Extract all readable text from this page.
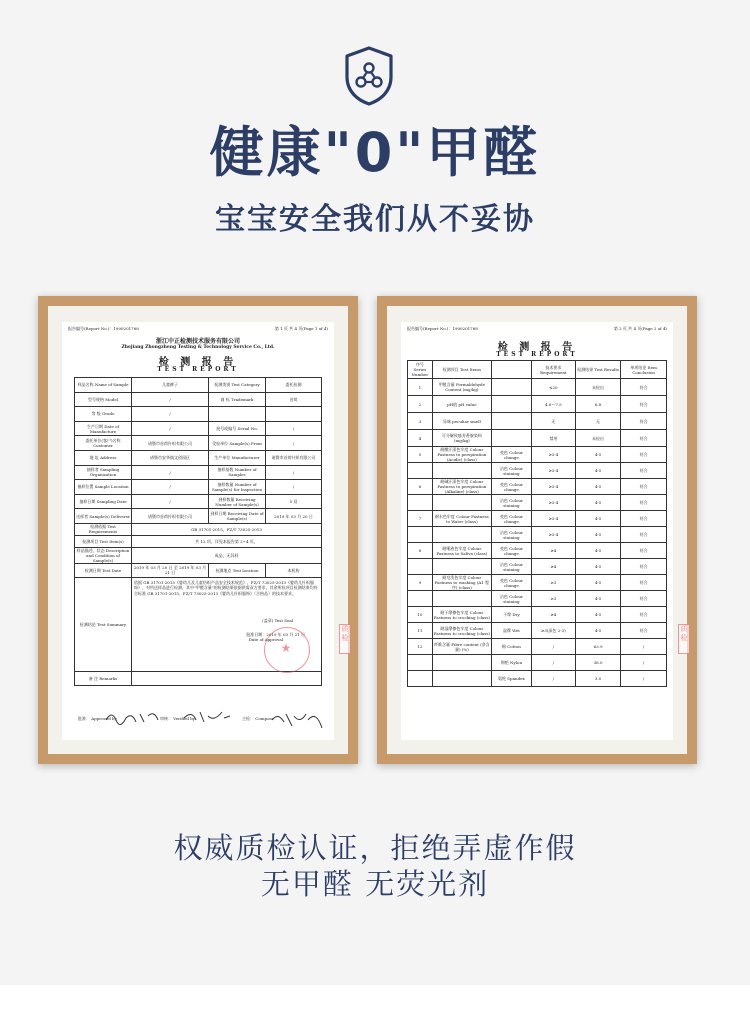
健康"0"甲醛
宝宝安全我们从不妥协
报告编号(Report No.)：1900201768	第 1 页 共 4 页(Page 1 of 4)
浙江中正检测技术服务有限公司
Zhejiang Zhongzheng Testing & Technology Service Co., Ltd.
检 测 报 告
TEST REPORT
样品名称 Name of Sample	儿童裤子	检测类别 Test Category	委托检测
型号规格 Model	/	商 标 Trademark	首荷
等 级 Grade	/		
生产日期 Date of Manufacture	/	批号或编号 Serial No.	/
委托单位(客户)名称 Customer	诸暨市首荷针织有限公司	受检单位 Sample(s) From	/
地 址 Address	诸暨市安华镇文创园区	生产单位 Manufacturer	诸暨市首荷针织有限公司
抽样者 Sampling Organization	/	抽样基数 Number of Samples	/
抽样位置 Sample Location	/	抽样数量 Number of Sample(s) for Inspection	/
抽样日期 Sampling Date	/	到样数量 Receiving Number of Sample(s)	5 双
送样者 Sample(s) Deliverer	诸暨市首荷针织有限公司	到样日期 Receiving Date of Sample(s)	2019 年 03 月 20 日
检测依据 Test Requirements	GB 31701-2015、FZ/T 73025-2013		
检测项目 Test Item(s)	共 12 项，详见本报告第 2~4 页。		
样品描述、状态 Description and Condition of Sample(s)	成品、无异样		
检测日期 Test Date	2019 年 03 月 20 日 至 2019 年 03 月 21 日	检测地点 Test location	本机构
检测结论 Test Summary	依据 GB 31701-2015《婴幼儿及儿童纺织产品安全技术规范》、FZ/T 73025-2013《婴幼儿针织服饰》，对所送样品进行检测，其中"甲醛含量"的检测结果依据供需双方要求，其余所检项目检测结果均符合标准 GB 31701-2015、FZ/T 73025-2013《婴幼儿针织服饰》（合格品）的技术要求。
(盖章) Test Seal
批准日期：2019 年 03 月 21 日
Date of Approval		

备 注 Remarks			
★
批准： Approved by	审核： Verified by	主检： Compose
质检
报告编号(Report No.)：1900201768	第 2 页 共 4 页(Page 2 of 4)
检 测 报 告
TEST REPORT
序号 Series Number	检测项目 Test Items		技术要求 Requirement	检测结果 Test Results	单项结论 Item Conclusion
1	甲醛含量 Formaldehyde Content (mg/kg)		≤20	未检出	符合
2	pH值 pH value		4.0～7.5	6.8	符合
3	异味 peculiar smell		无	无	符合
4	可分解致癌芳香胺染料 (mg/kg)		禁用	未检出	符合
5	耐酸汗渍色牢度 Colour Fastness to perspiration (Acidic) (class)	变色 Colour change	≥3-4	4-5	符合
		沾色 Colour staining	≥3-4	4-5	符合
6	耐碱汗渍色牢度 Colour Fastness to perspiration (Alkaline) (class)	变色 Colour change	≥3-4	4-5	符合
		沾色 Colour staining	≥3-4	4-5	符合
7	耐水色牢度 Colour Fastness to Water (class)	变色 Colour change	≥3-4	4-5	符合
		沾色 Colour staining	≥3-4	4-5	符合
8	耐唾液色牢度 Colour Fastness to Saliva (class)	变色 Colour change	≥4	4-5	符合
		沾色 Colour staining	≥4	4-5	符合
9	耐皂洗色牢度 Colour Fastness to washing (A1 程序) (class)	变色 Colour change	≥3	4-5	符合
		沾色 Colour staining	≥3	4-5	符合
10	耐干摩擦色牢度 Colour Fastness to crocking (class)	干摩 Dry	≥4	4-5	符合
11	耐湿摩擦色牢度 Colour Fastness to crocking (class)	湿摩 Wet	≥3(深色 2-3)	4-5	符合
12	纤维含量 Fibre content (净含量) (%)	棉 Cotton	/	63.9	/
		锦纶 Nylon	/	36.0	/
		氨纶 Spandex	/	3.0	/
质检
权威质检认证，拒绝弄虚作假
无甲醛 无荧光剂
